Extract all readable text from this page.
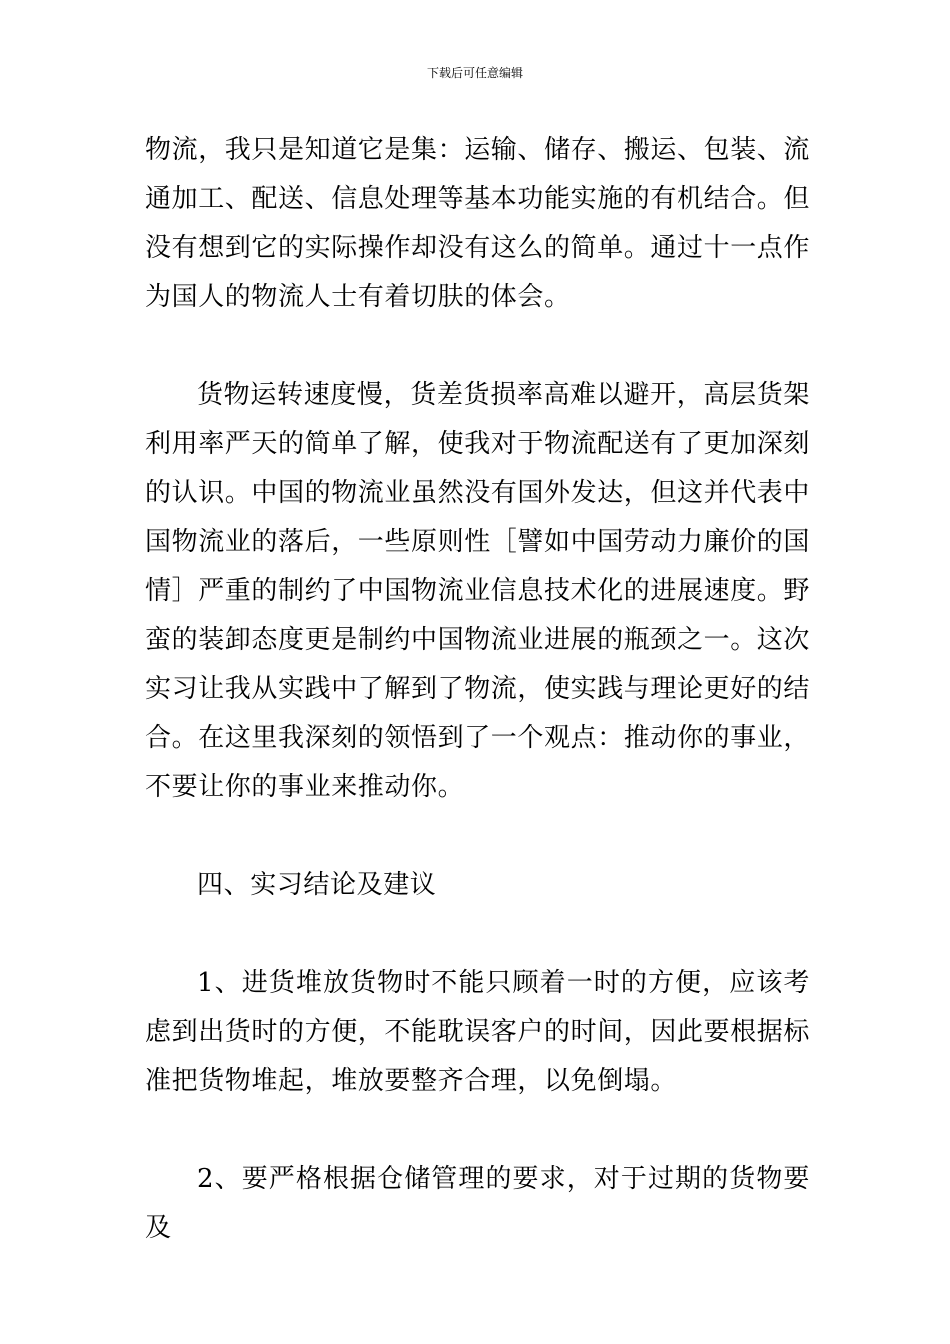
下载后可任意编辑

物流，我只是知道它是集：运输、储存、搬运、包装、流通加工、配送、信息处理等基本功能实施的有机结合。但没有想到它的实际操作却没有这么的简单。通过十一点作为国人的物流人士有着切肤的体会。

货物运转速度慢，货差货损率高难以避开，高层货架利用率严天的简单了解，使我对于物流配送有了更加深刻的认识。中国的物流业虽然没有国外发达，但这并代表中国物流业的落后，一些原则性［譬如中国劳动力廉价的国情］严重的制约了中国物流业信息技术化的进展速度。野蛮的装卸态度更是制约中国物流业进展的瓶颈之一。这次实习让我从实践中了解到了物流，使实践与理论更好的结合。在这里我深刻的领悟到了一个观点：推动你的事业，不要让你的事业来推动你。

四、实习结论及建议

1、进货堆放货物时不能只顾着一时的方便，应该考虑到出货时的方便，不能耽误客户的时间，因此要根据标准把货物堆起，堆放要整齐合理，以免倒塌。

2、要严格根据仓储管理的要求，对于过期的货物要及
